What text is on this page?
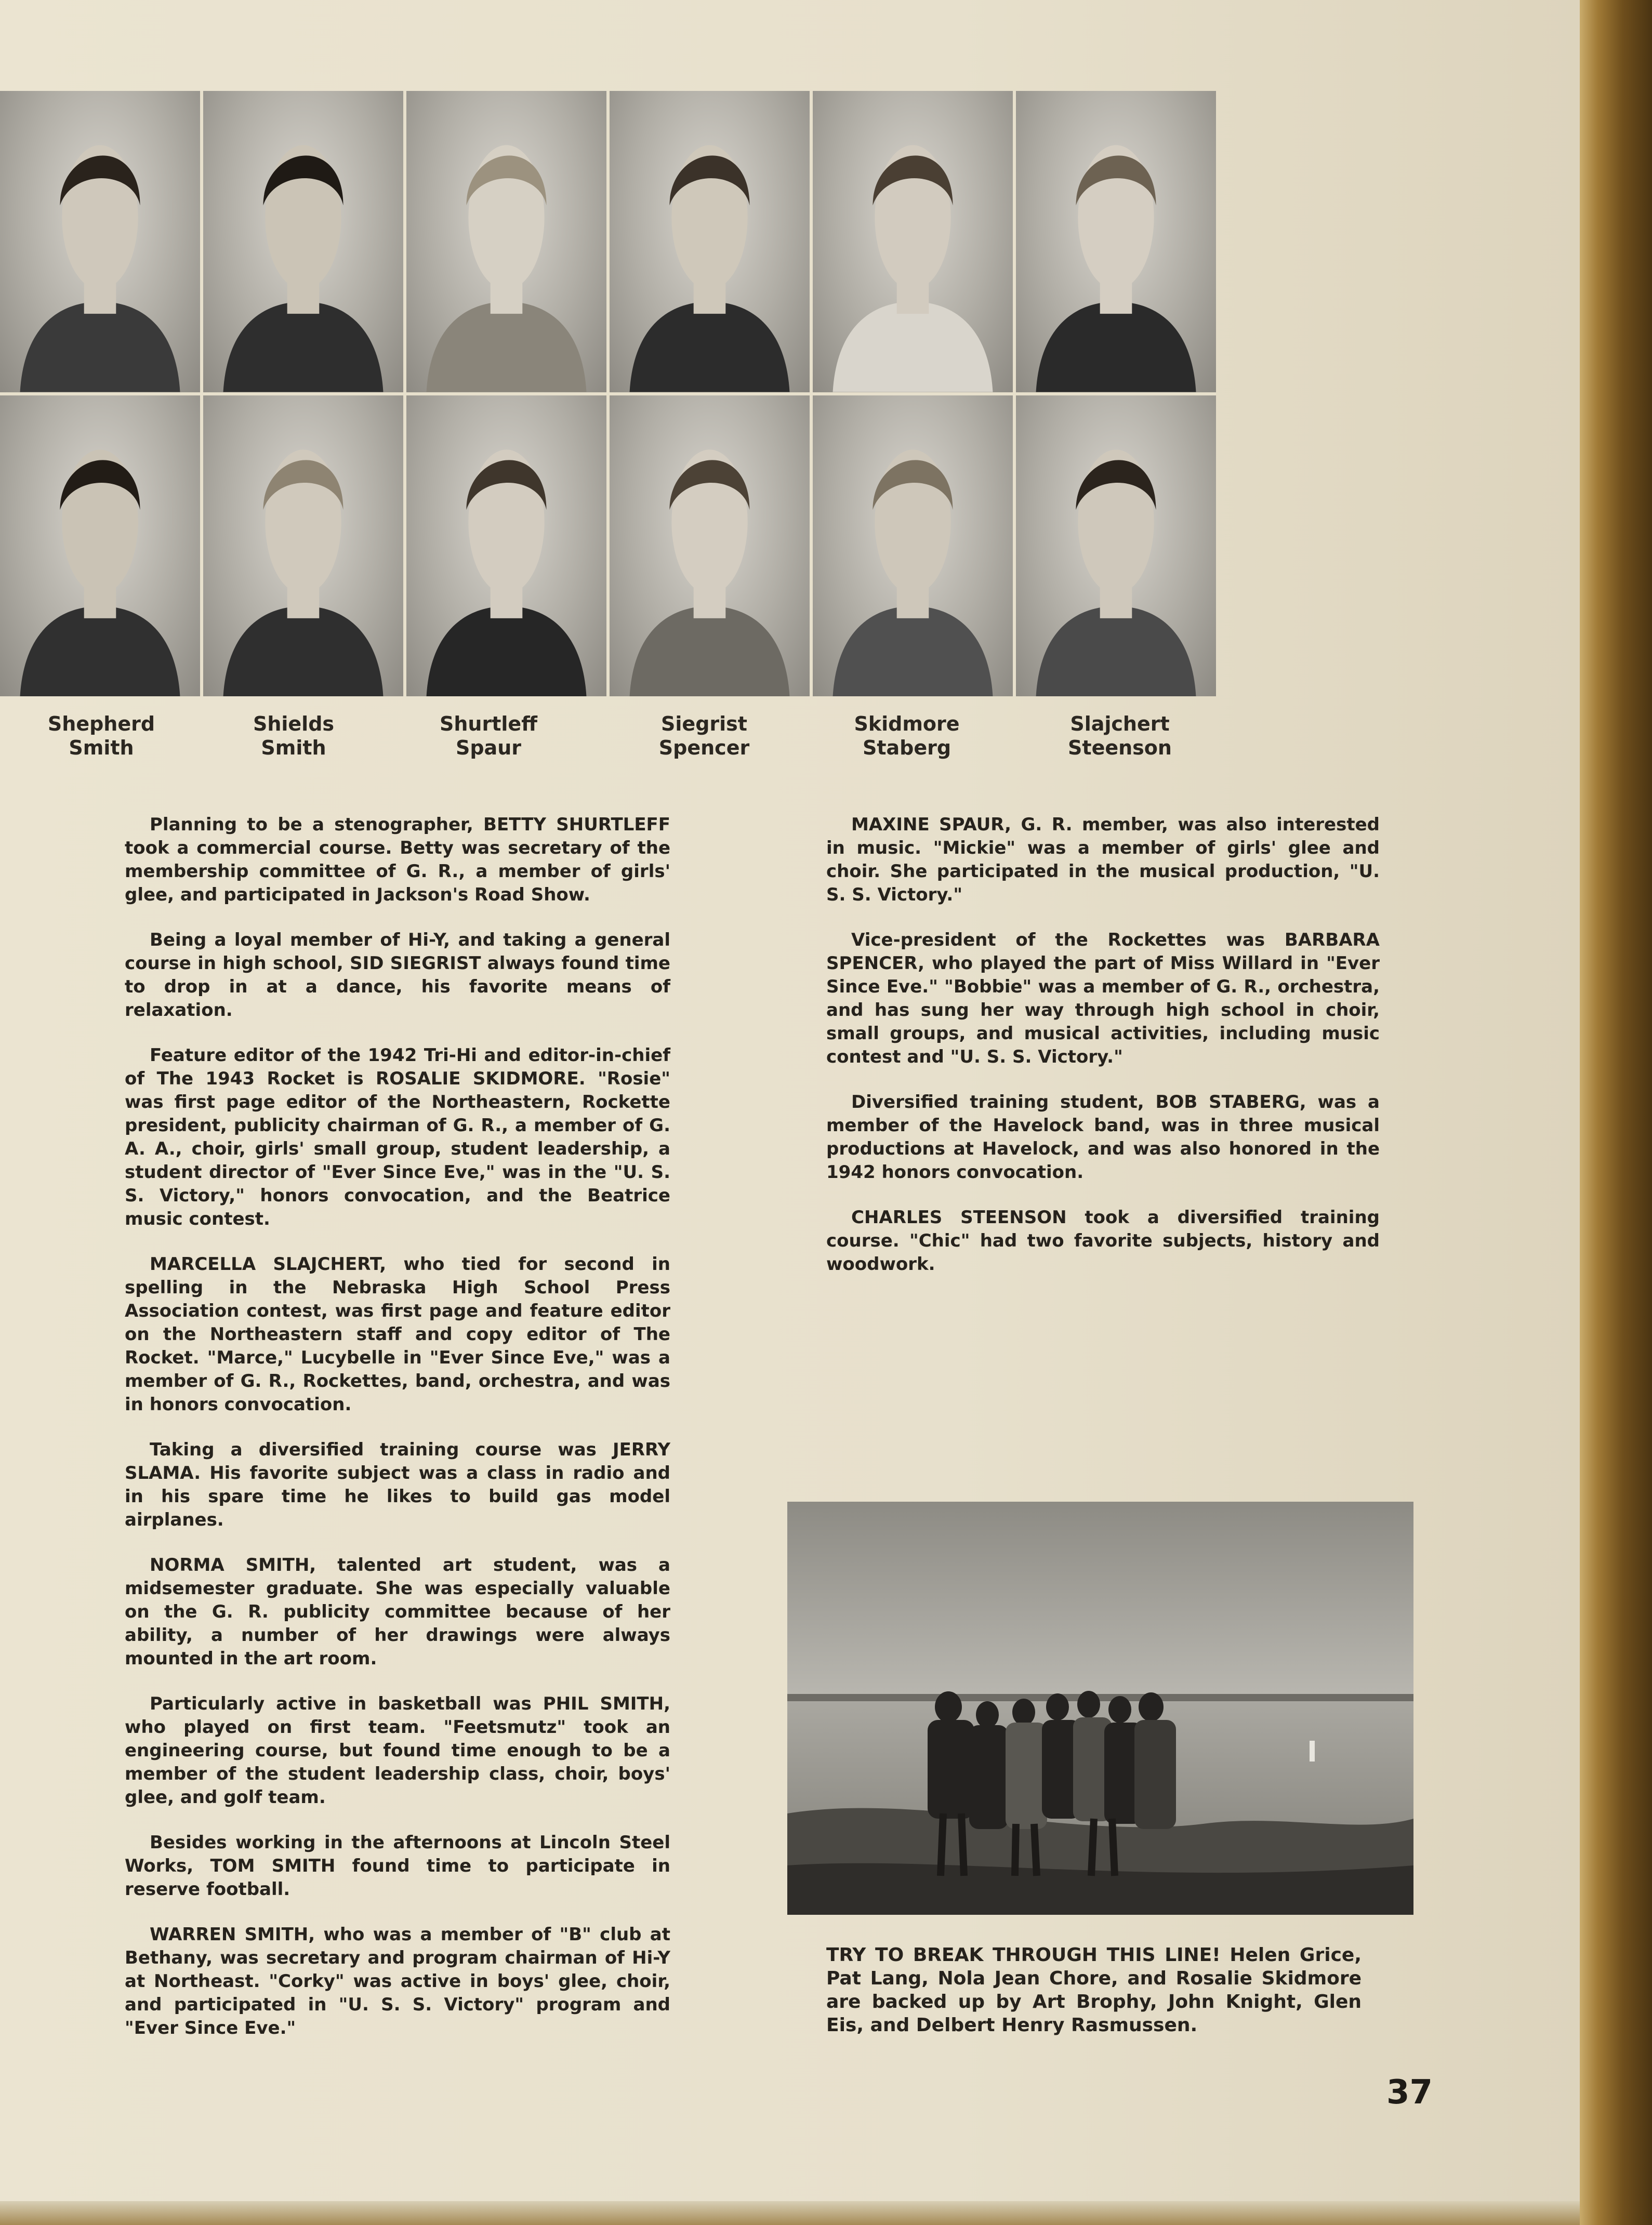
Shepherd
Smith
Shields
Smith
Shurtleff
Spaur
Siegrist
Spencer
Skidmore
Staberg
Slajchert
Steenson

Planning to be a stenographer, BETTY SHURTLEFF took a commercial course. Betty was secretary of the membership committee of G. R., a member of girls' glee, and participated in Jackson's Road Show.

Being a loyal member of Hi-Y, and taking a general course in high school, SID SIEGRIST always found time to drop in at a dance, his favorite means of relaxation.

Feature editor of the 1942 Tri-Hi and editor-in-chief of The 1943 Rocket is ROSALIE SKIDMORE. "Rosie" was first page editor of the Northeastern, Rockette president, publicity chairman of G. R., a member of G. A. A., choir, girls' small group, student leadership, a student director of "Ever Since Eve," was in the "U. S. S. Victory," honors convocation, and the Beatrice music contest.

MARCELLA SLAJCHERT, who tied for second in spelling in the Nebraska High School Press Association contest, was first page and feature editor on the Northeastern staff and copy editor of The Rocket. "Marce," Lucybelle in "Ever Since Eve," was a member of G. R., Rockettes, band, orchestra, and was in honors convocation.

Taking a diversified training course was JERRY SLAMA. His favorite subject was a class in radio and in his spare time he likes to build gas model airplanes.

NORMA SMITH, talented art student, was a midsemester graduate. She was especially valuable on the G. R. publicity committee because of her ability, a number of her drawings were always mounted in the art room.

Particularly active in basketball was PHIL SMITH, who played on first team. "Feetsmutz" took an engineering course, but found time enough to be a member of the student leadership class, choir, boys' glee, and golf team.

Besides working in the afternoons at Lincoln Steel Works, TOM SMITH found time to participate in reserve football.

WARREN SMITH, who was a member of "B" club at Bethany, was secretary and program chairman of Hi-Y at Northeast. "Corky" was active in boys' glee, choir, and participated in "U. S. S. Victory" program and "Ever Since Eve."

MAXINE SPAUR, G. R. member, was also interested in music. "Mickie" was a member of girls' glee and choir. She participated in the musical production, "U. S. S. Victory."

Vice-president of the Rockettes was BARBARA SPENCER, who played the part of Miss Willard in "Ever Since Eve." "Bobbie" was a member of G. R., orchestra, and has sung her way through high school in choir, small groups, and musical activities, including music contest and "U. S. S. Victory."

Diversified training student, BOB STABERG, was a member of the Havelock band, was in three musical productions at Havelock, and was also honored in the 1942 honors convocation.

CHARLES STEENSON took a diversified training course. "Chic" had two favorite subjects, history and woodwork.

TRY TO BREAK THROUGH THIS LINE! Helen Grice, Pat Lang, Nola Jean Chore, and Rosalie Skidmore are backed up by Art Brophy, John Knight, Glen Eis, and Delbert Henry Rasmussen.
37
